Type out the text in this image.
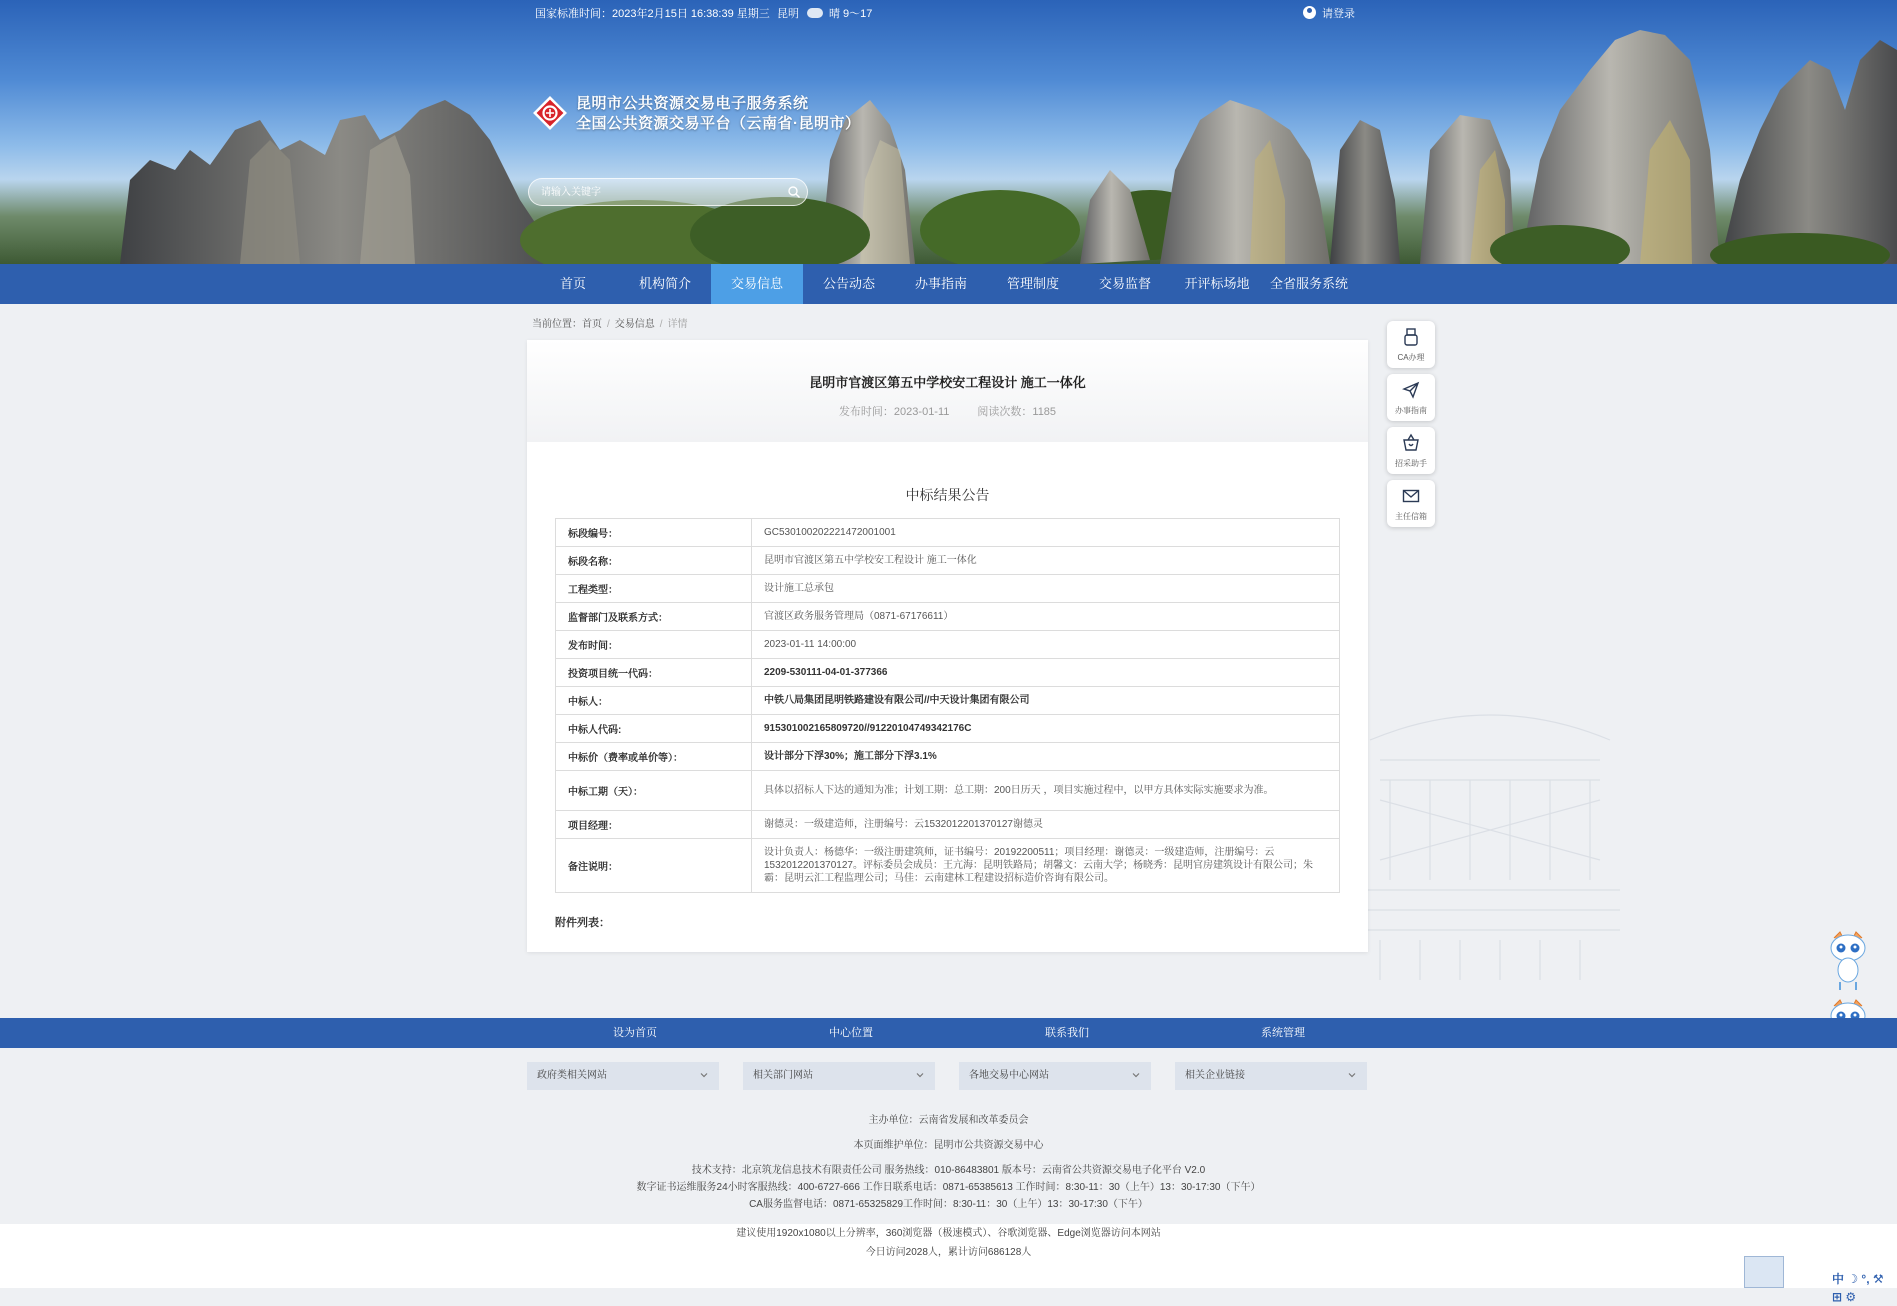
国家标准时间：2023年2月15日 16:38:39 星期三 昆明	晴 9～17	请登录
昆明市公共资源交易电子服务系统
全国公共资源交易平台（云南省·昆明市）
请输入关键字
首页	机构简介	交易信息	公告动态	办事指南	管理制度	交易监督	开评标场地	全省服务系统
当前位置：首页 / 交易信息 / 详情
昆明市官渡区第五中学校安工程设计 施工一体化
发布时间：2023-01-11	阅读次数：1185
中标结果公告
标段编号：	GC5301002022214720010​01
标段名称：	昆明市官渡区第五中学校安工程设计 施工一体化
工程类型：	设计施工总承包
监督部门及联系方式：	官渡区政务服务管理局（0871-67176611）
发布时间：	2023-01-11 14:00:00
投资项目统一代码：	2209-530111-04-01-377366
中标人：	中铁八局集团昆明铁路建设有限公司//中天设计集团有限公司
中标人代码:	915301002165809720//91220104749342176C
中标价（费率或单价等）：	设计部分下浮30%；施工部分下浮3.1%
中标工期（天）：	具体以招标人下达的通知为准；计划工期：总工期：200日历天 ，项目实施过程中，以甲方具体实际实施要求为准。
项目经理：	谢德灵：一级建造师，注册编号：云1532012201370127谢德灵
备注说明：	设计负责人：杨德华：一级注册建筑师，证书编号：20192200511；项目经理：谢德灵：一级建造师，注册编号：云1532012201370127。评标委员会成员：王亢海：昆明铁路局；胡馨文：云南大学；杨晓秀：昆明官房建筑设计有限公司；朱霸：昆明云汇工程监理公司；马佳：云南建林工程建设招标造价咨询有限公司。
附件列表：
CA办理
办事指南
招采助手
主任信箱
设为首页	中心位置	联系我们	系统管理
政府类相关网站	相关部门网站	各地交易中心网站	相关企业链接
主办单位：云南省发展和改革委员会
本页面维护单位：昆明市公共资源交易中心
技术支持：北京筑龙信息技术有限责任公司 服务热线：010-86483801 版本号：云南省公共资源交易电子化平台 V2.0
数字证书运维服务24小时客服热线：400-6727-666 工作日联系电话：0871-65385613 工作时间：8:30-11：30（上午）13：30-17:30（下午）
CA服务监督电话：0871-65325829工作时间：8:30-11：30（上午）13：30-17:30（下午）
建议使用1920x1080以上分辨率，360浏览器（极速模式）、谷歌浏览器、Edge浏览器访问本网站
今日访问2028人，累计访问686128人
中 ☽ °, ⚒ ⊞ ⚙
